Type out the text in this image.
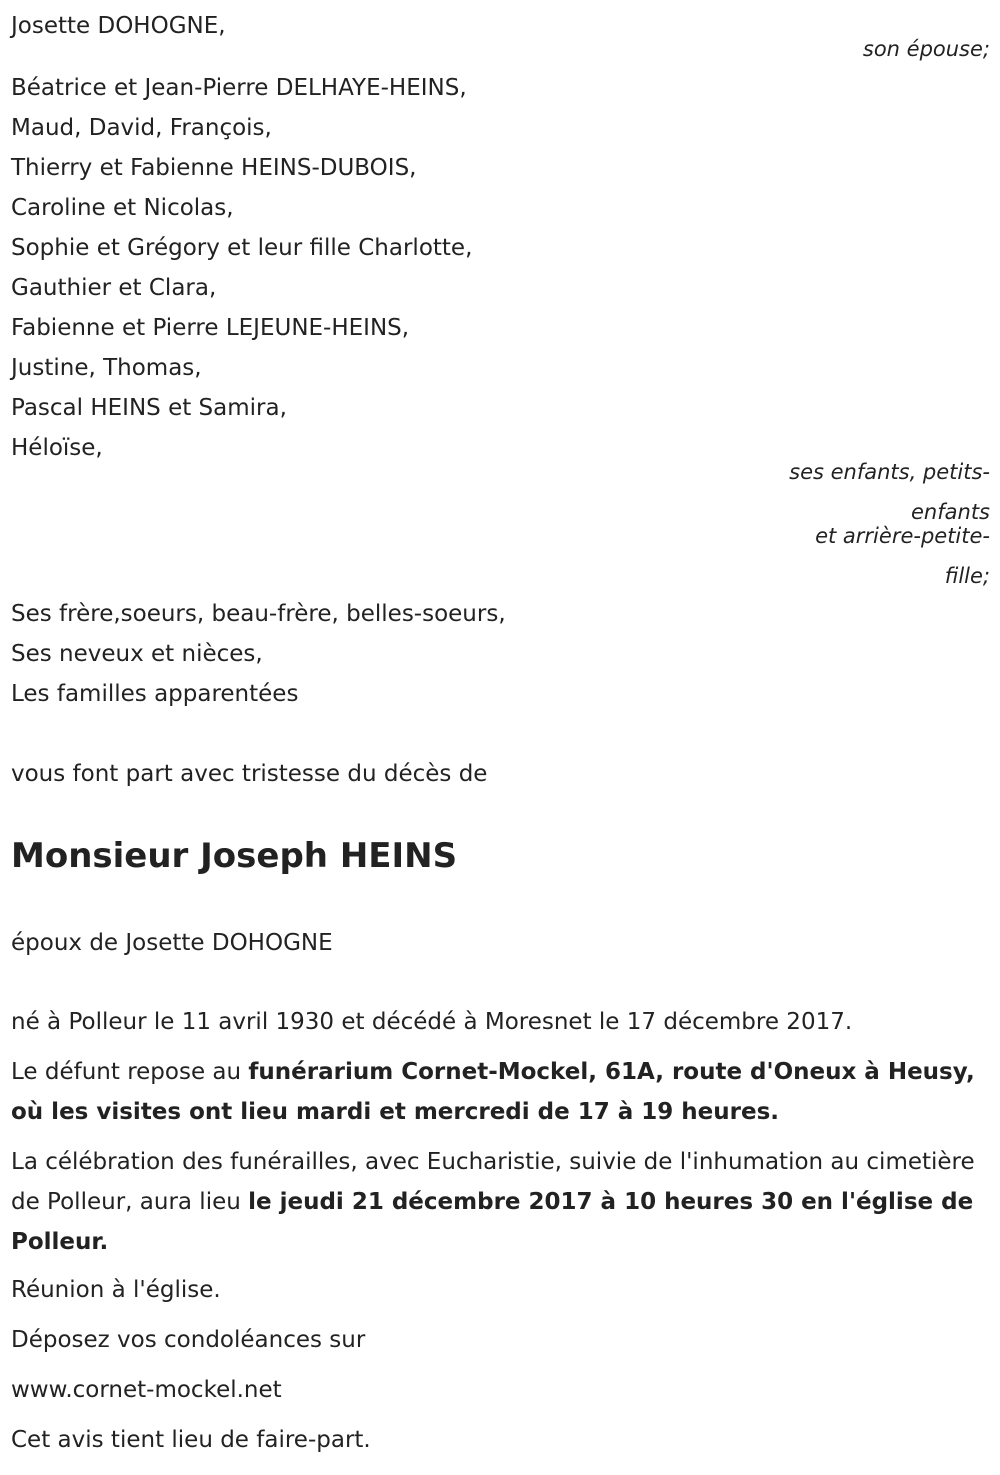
Josette DOHOGNE,
son épouse;
Béatrice et Jean-Pierre DELHAYE-HEINS,
Maud, David, François,
Thierry et Fabienne HEINS-DUBOIS,
Caroline et Nicolas,
Sophie et Grégory et leur fille Charlotte,
Gauthier et Clara,
Fabienne et Pierre LEJEUNE-HEINS,
Justine, Thomas,
Pascal HEINS et Samira,
Héloïse,
ses enfants, petits-
enfants
et arrière-petite-
fille;
Ses frère,soeurs, beau-frère, belles-soeurs,
Ses neveux et nièces,
Les familles apparentées
vous font part avec tristesse du décès de
Monsieur Joseph HEINS
époux de Josette DOHOGNE
né à Polleur le 11 avril 1930 et décédé à Moresnet le 17 décembre 2017.
Le défunt repose au funérarium Cornet-Mockel, 61A, route d'Oneux à Heusy, où les visites ont lieu mardi et mercredi de 17 à 19 heures.
La célébration des funérailles, avec Eucharistie, suivie de l'inhumation au cimetière de Polleur, aura lieu le jeudi 21 décembre 2017 à 10 heures 30 en l'église de Polleur.
Réunion à l'église.
Déposez vos condoléances sur
www.cornet-mockel.net
Cet avis tient lieu de faire-part.
